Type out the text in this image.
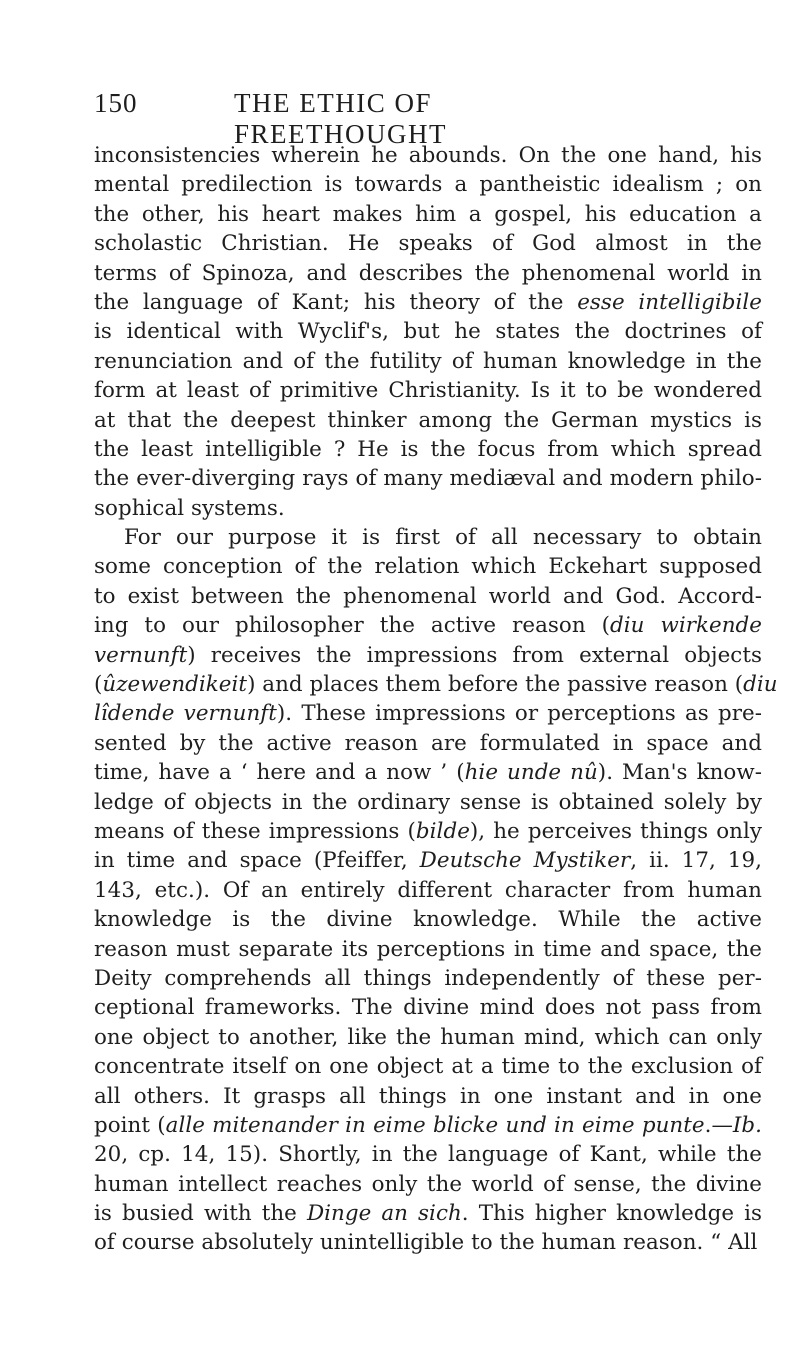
150	THE ETHIC OF FREETHOUGHT
inconsistencies wherein he abounds. On the one hand, his
mental predilection is towards a pantheistic idealism ; on
the other, his heart makes him a gospel, his education a
scholastic Christian. He speaks of God almost in the
terms of Spinoza, and describes the phenomenal world in
the language of Kant; his theory of the esse intelligibile
is identical with Wyclif's, but he states the doctrines of
renunciation and of the futility of human knowledge in the
form at least of primitive Christianity. Is it to be wondered
at that the deepest thinker among the German mystics is
the least intelligible ? He is the focus from which spread
the ever-diverging rays of many mediæval and modern philo-
sophical systems.
For our purpose it is first of all necessary to obtain
some conception of the relation which Eckehart supposed
to exist between the phenomenal world and God. Accord-
ing to our philosopher the active reason (diu wirkende
vernunft) receives the impressions from external objects
(ûzewendikeit) and places them before the passive reason (diu
lîdende vernunft). These impressions or perceptions as pre-
sented by the active reason are formulated in space and
time, have a ‘ here and a now ’ (hie unde nû). Man's know-
ledge of objects in the ordinary sense is obtained solely by
means of these impressions (bilde), he perceives things only
in time and space (Pfeiffer, Deutsche Mystiker, ii. 17, 19,
143, etc.). Of an entirely different character from human
knowledge is the divine knowledge. While the active
reason must separate its perceptions in time and space, the
Deity comprehends all things independently of these per-
ceptional frameworks. The divine mind does not pass from
one object to another, like the human mind, which can only
concentrate itself on one object at a time to the exclusion of
all others. It grasps all things in one instant and in one
point (alle mitenander in eime blicke und in eime punte.—Ib.
20, cp. 14, 15). Shortly, in the language of Kant, while the
human intellect reaches only the world of sense, the divine
is busied with the Dinge an sich. This higher knowledge is
of course absolutely unintelligible to the human reason. “ All
